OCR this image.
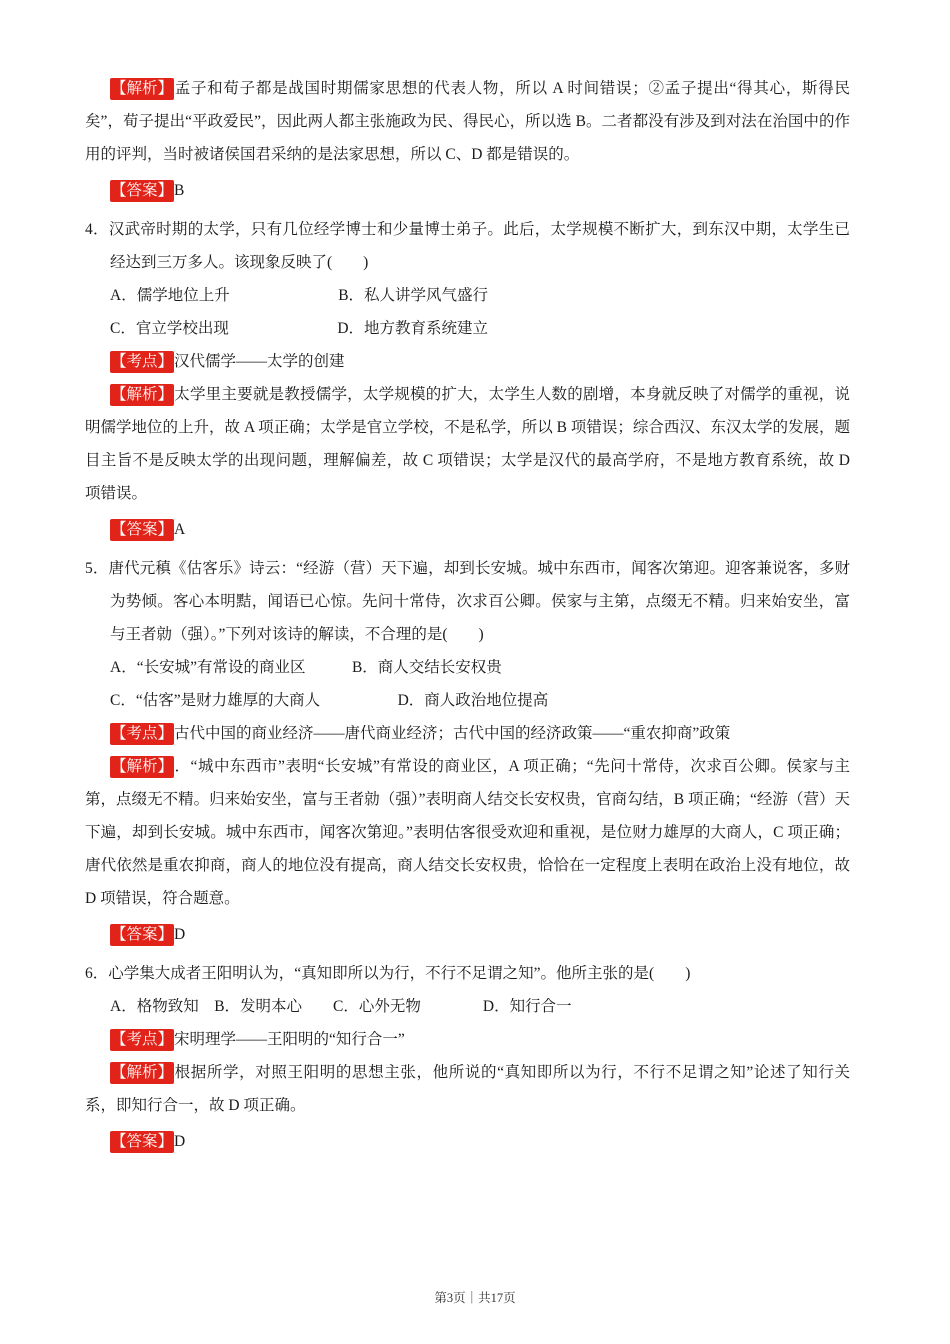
【解析】孟子和荀子都是战国时期儒家思想的代表人物，所以 A 时间错误；②孟子提出“得其心，斯得民矣”，荀子提出“平政爱民”，因此两人都主张施政为民、得民心，所以选 B。二者都没有涉及到对法在治国中的作用的评判，当时被诸侯国君采纳的是法家思想，所以 C、D 都是错误的。

【答案】B

4．汉武帝时期的太学，只有几位经学博士和少量博士弟子。此后，太学规模不断扩大，到东汉中期，太学生已经达到三万多人。该现象反映了(        )

A．儒学地位上升　　　　　　　B．私人讲学风气盛行

C．官立学校出现　　　　　　　D．地方教育系统建立

【考点】汉代儒学——太学的创建

【解析】太学里主要就是教授儒学，太学规模的扩大，太学生人数的剧增，本身就反映了对儒学的重视，说明儒学地位的上升，故 A 项正确；太学是官立学校，不是私学，所以 B 项错误；综合西汉、东汉太学的发展，题目主旨不是反映太学的出现问题，理解偏差，故 C 项错误；太学是汉代的最高学府，不是地方教育系统，故 D 项错误。

【答案】A

5．唐代元稹《估客乐》诗云：“经游（营）天下遍，却到长安城。城中东西市，闻客次第迎。迎客兼说客，多财为势倾。客心本明黠，闻语已心惊。先问十常侍，次求百公卿。侯家与主第，点缀无不精。归来始安坐，富与王者勍（强）。”下列对该诗的解读，不合理的是(        )

A．“长安城”有常设的商业区　　　B．商人交结长安权贵

C．“估客”是财力雄厚的大商人　　　　　D．商人政治地位提高

【考点】古代中国的商业经济——唐代商业经济；古代中国的经济政策——“重农抑商”政策

【解析】．“城中东西市”表明“长安城”有常设的商业区，A 项正确；“先问十常侍，次求百公卿。侯家与主第，点缀无不精。归来始安坐，富与王者勍（强）”表明商人结交长安权贵，官商勾结，B 项正确；“经游（营）天下遍，却到长安城。城中东西市，闻客次第迎。”表明估客很受欢迎和重视，是位财力雄厚的大商人，C 项正确；唐代依然是重农抑商，商人的地位没有提高，商人结交长安权贵，恰恰在一定程度上表明在政治上没有地位，故 D 项错误，符合题意。

【答案】D

6．心学集大成者王阳明认为，“真知即所以为行，不行不足谓之知”。他所主张的是(        )

A．格物致知　B．发明本心　　C．心外无物　　　　D．知行合一

【考点】宋明理学——王阳明的“知行合一”

【解析】根据所学，对照王阳明的思想主张，他所说的“真知即所以为行，不行不足谓之知”论述了知行关系，即知行合一，故 D 项正确。

【答案】D

第3页｜共17页
